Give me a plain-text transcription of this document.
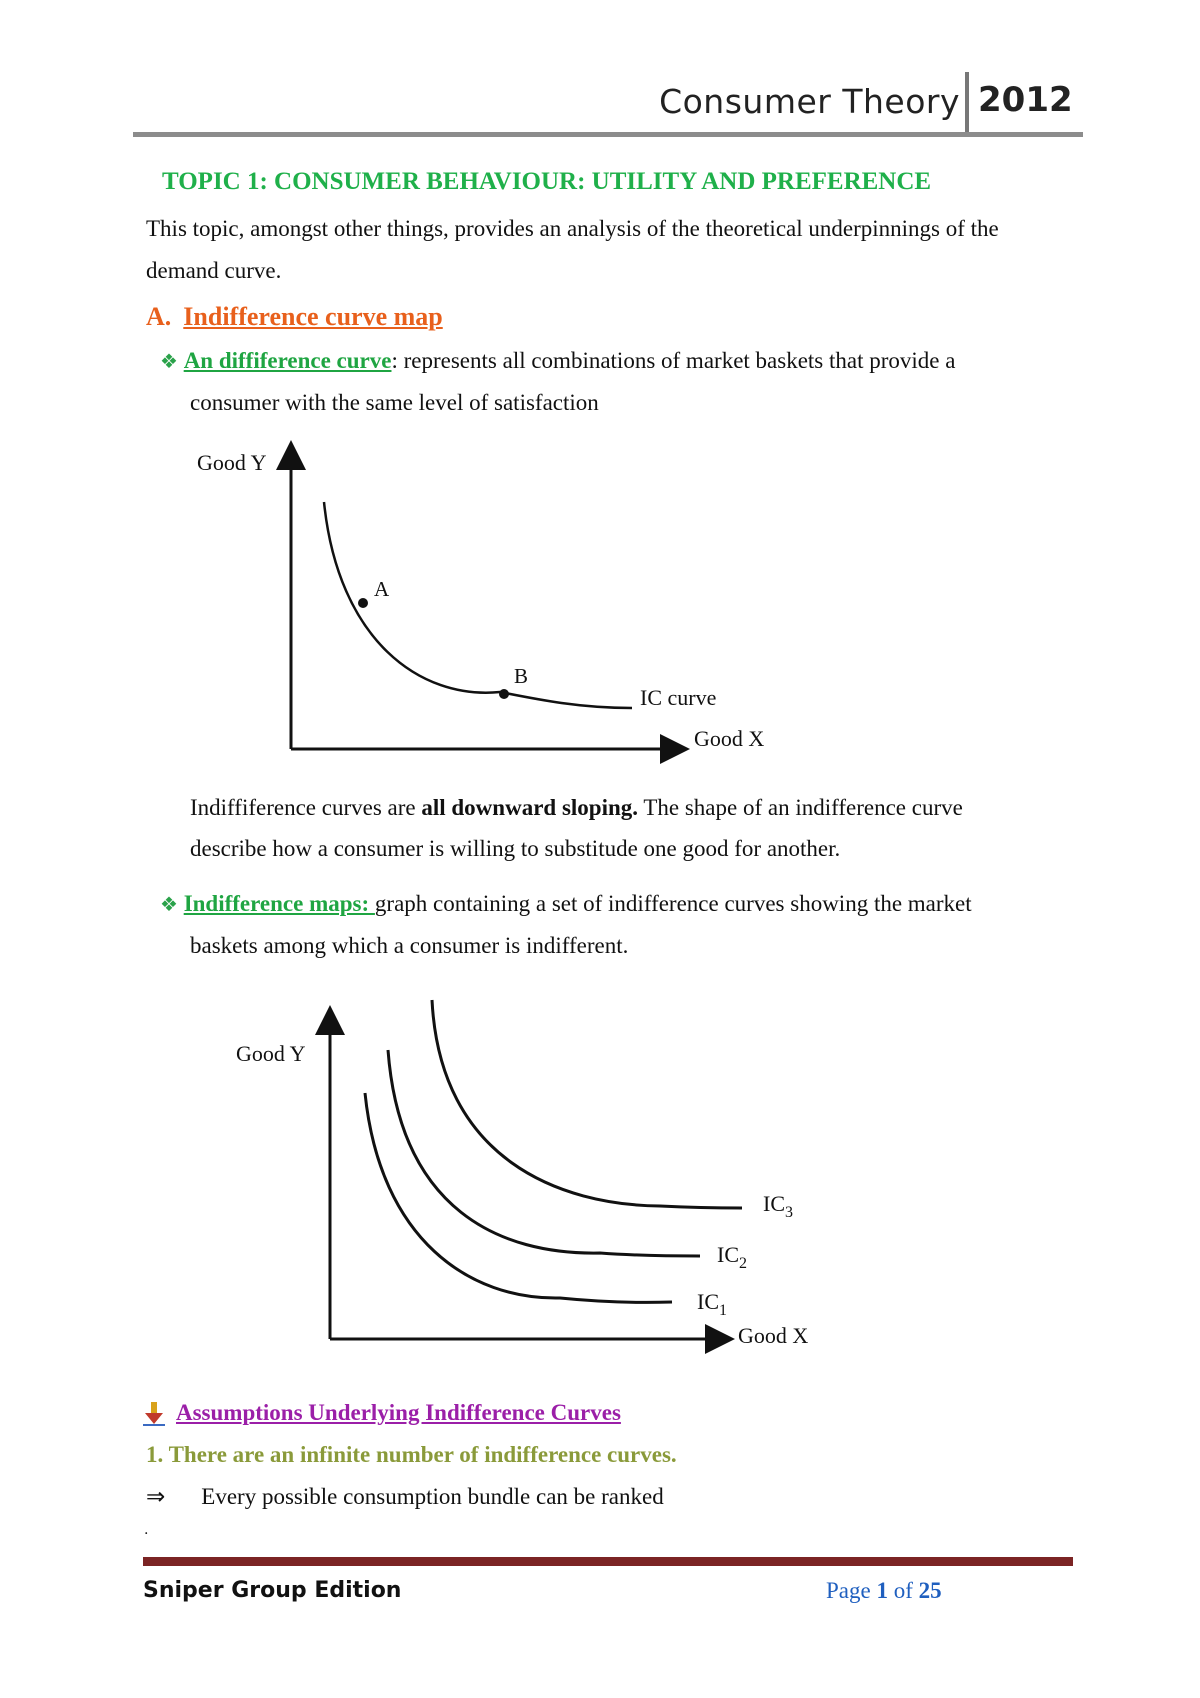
Consumer Theory 2012
TOPIC 1: CONSUMER BEHAVIOUR: UTILITY AND PREFERENCE
This topic, amongst other things, provides an analysis of the theoretical underpinnings of the
demand curve.
A. Indifference curve map
❖ An diffiference curve: represents all combinations of market baskets that provide a
consumer with the same level of satisfaction
Good Y
Good X
IC curve
A
B
Good Y
Good X
$IC_1$
$IC_2$
$IC_3$
Indiffiference curves are all downward sloping. The shape of an indifference curve
describe how a consumer is willing to substitude one good for another.
❖ Indifference maps: graph containing a set of indifference curves showing the market
baskets among which a consumer is indifferent.
Assumptions Underlying Indifference Curves
1. There are an infinite number of indifference curves.
⇒ Every possible consumption bundle can be ranked
.
Sniper Group Edition	Page 1 of 25
